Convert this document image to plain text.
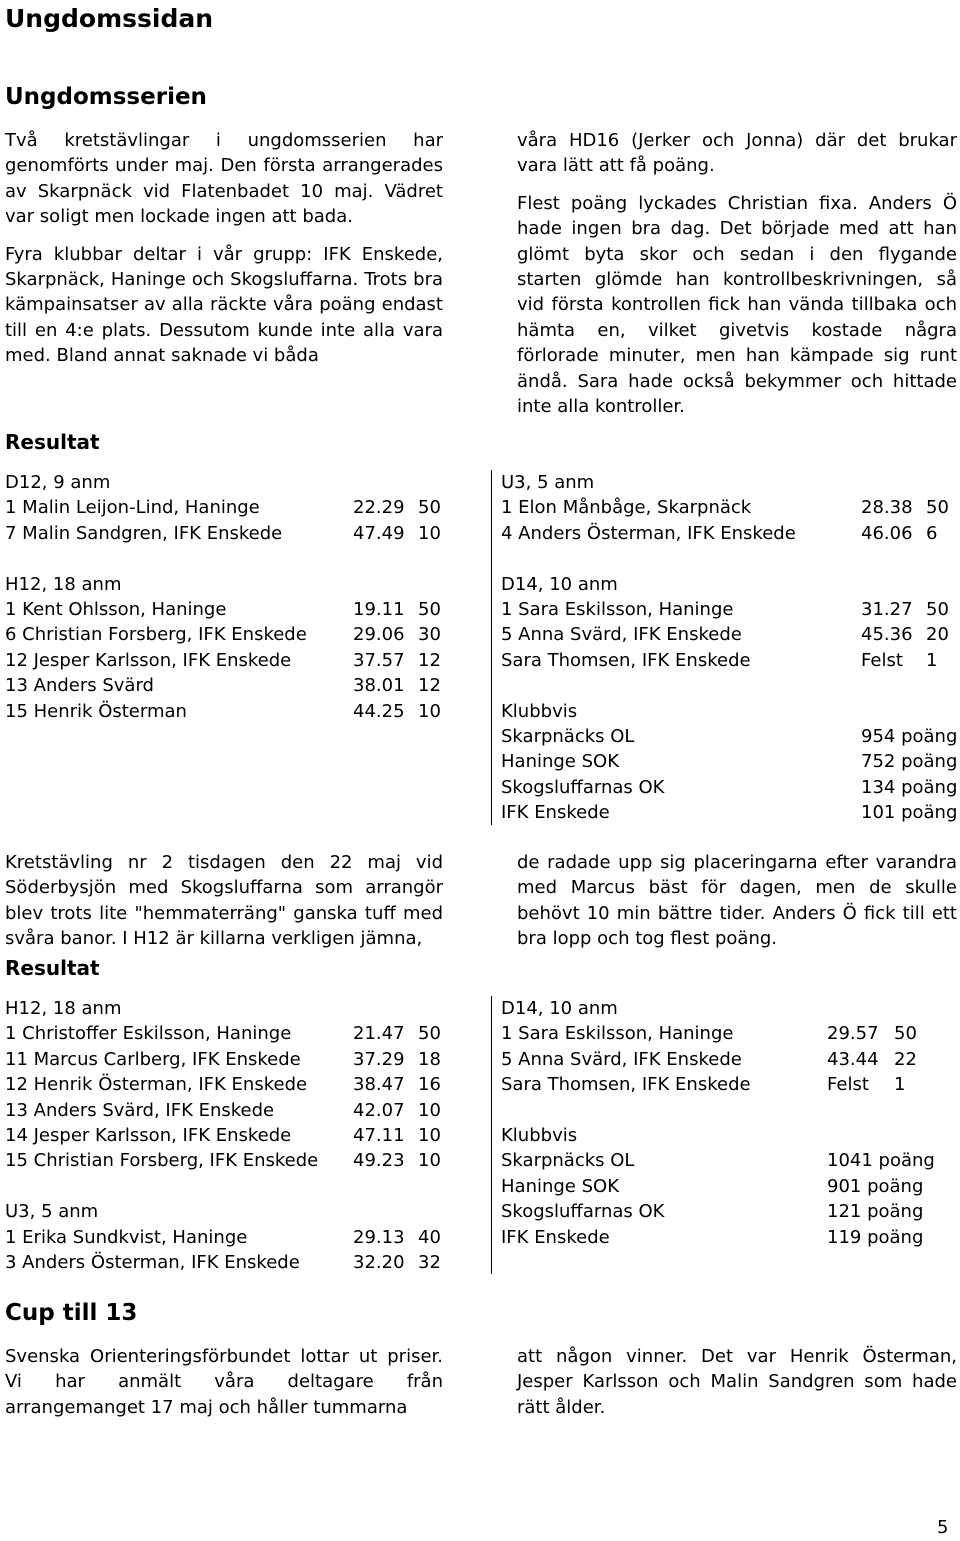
Ungdomssidan
Ungdomsserien

Två kretstävlingar i ungdomsserien har genomförts under maj. Den första arrangerades av Skarpnäck vid Flatenbadet 10 maj. Vädret var soligt men lockade ingen att bada.

Fyra klubbar deltar i vår grupp: IFK Enskede, Skarpnäck, Haninge och Skogsluffarna. Trots bra kämpainsatser av alla räckte våra poäng endast till en 4:e plats. Dessutom kunde inte alla vara med. Bland annat saknade vi båda

våra HD16 (Jerker och Jonna) där det brukar vara lätt att få poäng.

Flest poäng lyckades Christian fixa. Anders Ö hade ingen bra dag. Det började med att han glömt byta skor och sedan i den flygande starten glömde han kontrollbeskrivningen, så vid första kontrollen fick han vända tillbaka och hämta en, vilket givetvis kostade några förlorade minuter, men han kämpade sig runt ändå. Sara hade också bekymmer och hittade inte alla kontroller.

Resultat
D12, 9 anm
1 Malin Leijon-Lind, Haninge	22.29 50
7 Malin Sandgren, IFK Enskede	47.49 10
H12, 18 anm
1 Kent Ohlsson, Haninge	19.11 50
6 Christian Forsberg, IFK Enskede	29.06 30
12 Jesper Karlsson, IFK Enskede	37.57 12
13 Anders Svärd	38.01 12
15 Henrik Österman	44.25 10
U3, 5 anm
1 Elon Månbåge, Skarpnäck	28.38 50
4 Anders Österman, IFK Enskede	46.06 6
D14, 10 anm
1 Sara Eskilsson, Haninge	31.27 50
5 Anna Svärd, IFK Enskede	45.36 20
Sara Thomsen, IFK Enskede	Felst 1
Klubbvis
Skarpnäcks OL	954 poäng
Haninge SOK	752 poäng
Skogsluffarnas OK	134 poäng
IFK Enskede	101 poäng
Kretstävling nr 2 tisdagen den 22 maj vid Söderbysjön med Skogsluffarna som arrangör blev trots lite "hemmaterräng" ganska tuff med svåra banor. I H12 är killarna verkligen jämna,
de radade upp sig placeringarna efter varandra med Marcus bäst för dagen, men de skulle behövt 10 min bättre tider. Anders Ö fick till ett bra lopp och tog flest poäng.
Resultat
H12, 18 anm
1 Christoffer Eskilsson, Haninge	21.47 50
11 Marcus Carlberg, IFK Enskede	37.29 18
12 Henrik Österman, IFK Enskede	38.47 16
13 Anders Svärd, IFK Enskede	42.07 10
14 Jesper Karlsson, IFK Enskede	47.11 10
15 Christian Forsberg, IFK Enskede 49.23 10
U3, 5 anm
1 Erika Sundkvist, Haninge	29.13 40
3 Anders Österman, IFK Enskede	32.20 32
D14, 10 anm
1 Sara Eskilsson, Haninge	29.57 50
5 Anna Svärd, IFK Enskede	43.44 22
Sara Thomsen, IFK Enskede	Felst 1
Klubbvis
Skarpnäcks OL	1041 poäng
Haninge SOK	901 poäng
Skogsluffarnas OK	121 poäng
IFK Enskede	119 poäng
Cup till 13
Svenska Orienteringsförbundet lottar ut priser. Vi har anmält våra deltagare från arrangemanget 17 maj och håller tummarna
att någon vinner. Det var Henrik Österman, Jesper Karlsson och Malin Sandgren som hade rätt ålder.
5
